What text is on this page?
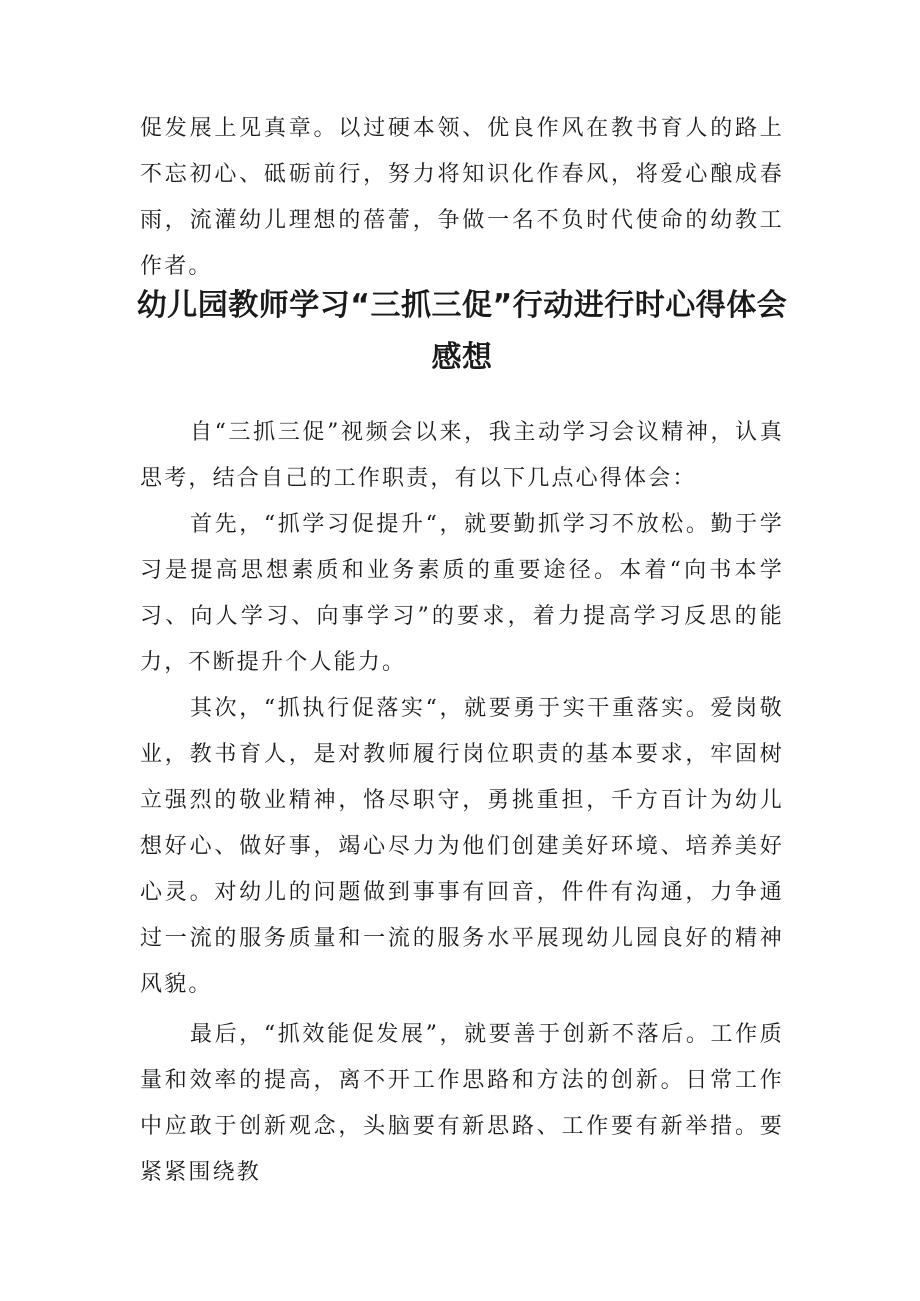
促发展上见真章。以过硬本领、优良作风在教书育人的路上不忘初心、砥砺前行，努力将知识化作春风，将爱心酿成春雨，流灌幼儿理想的蓓蕾，争做一名不负时代使命的幼教工作者。

幼儿园教师学习“三抓三促”行动进行时心得体会感想

自“三抓三促”视频会以来，我主动学习会议精神，认真思考，结合自己的工作职责，有以下几点心得体会：

首先，“抓学习促提升“，就要勤抓学习不放松。勤于学习是提高思想素质和业务素质的重要途径。本着“向书本学习、向人学习、向事学习”的要求，着力提高学习反思的能力，不断提升个人能力。

其次，“抓执行促落实“，就要勇于实干重落实。爱岗敬业，教书育人，是对教师履行岗位职责的基本要求，牢固树立强烈的敬业精神，恪尽职守，勇挑重担，千方百计为幼儿想好心、做好事，竭心尽力为他们创建美好环境、培养美好心灵。对幼儿的问题做到事事有回音，件件有沟通，力争通过一流的服务质量和一流的服务水平展现幼儿园良好的精神风貌。

最后，“抓效能促发展”，就要善于创新不落后。工作质量和效率的提高，离不开工作思路和方法的创新。日常工作中应敢于创新观念，头脑要有新思路、工作要有新举措。要紧紧围绕教
